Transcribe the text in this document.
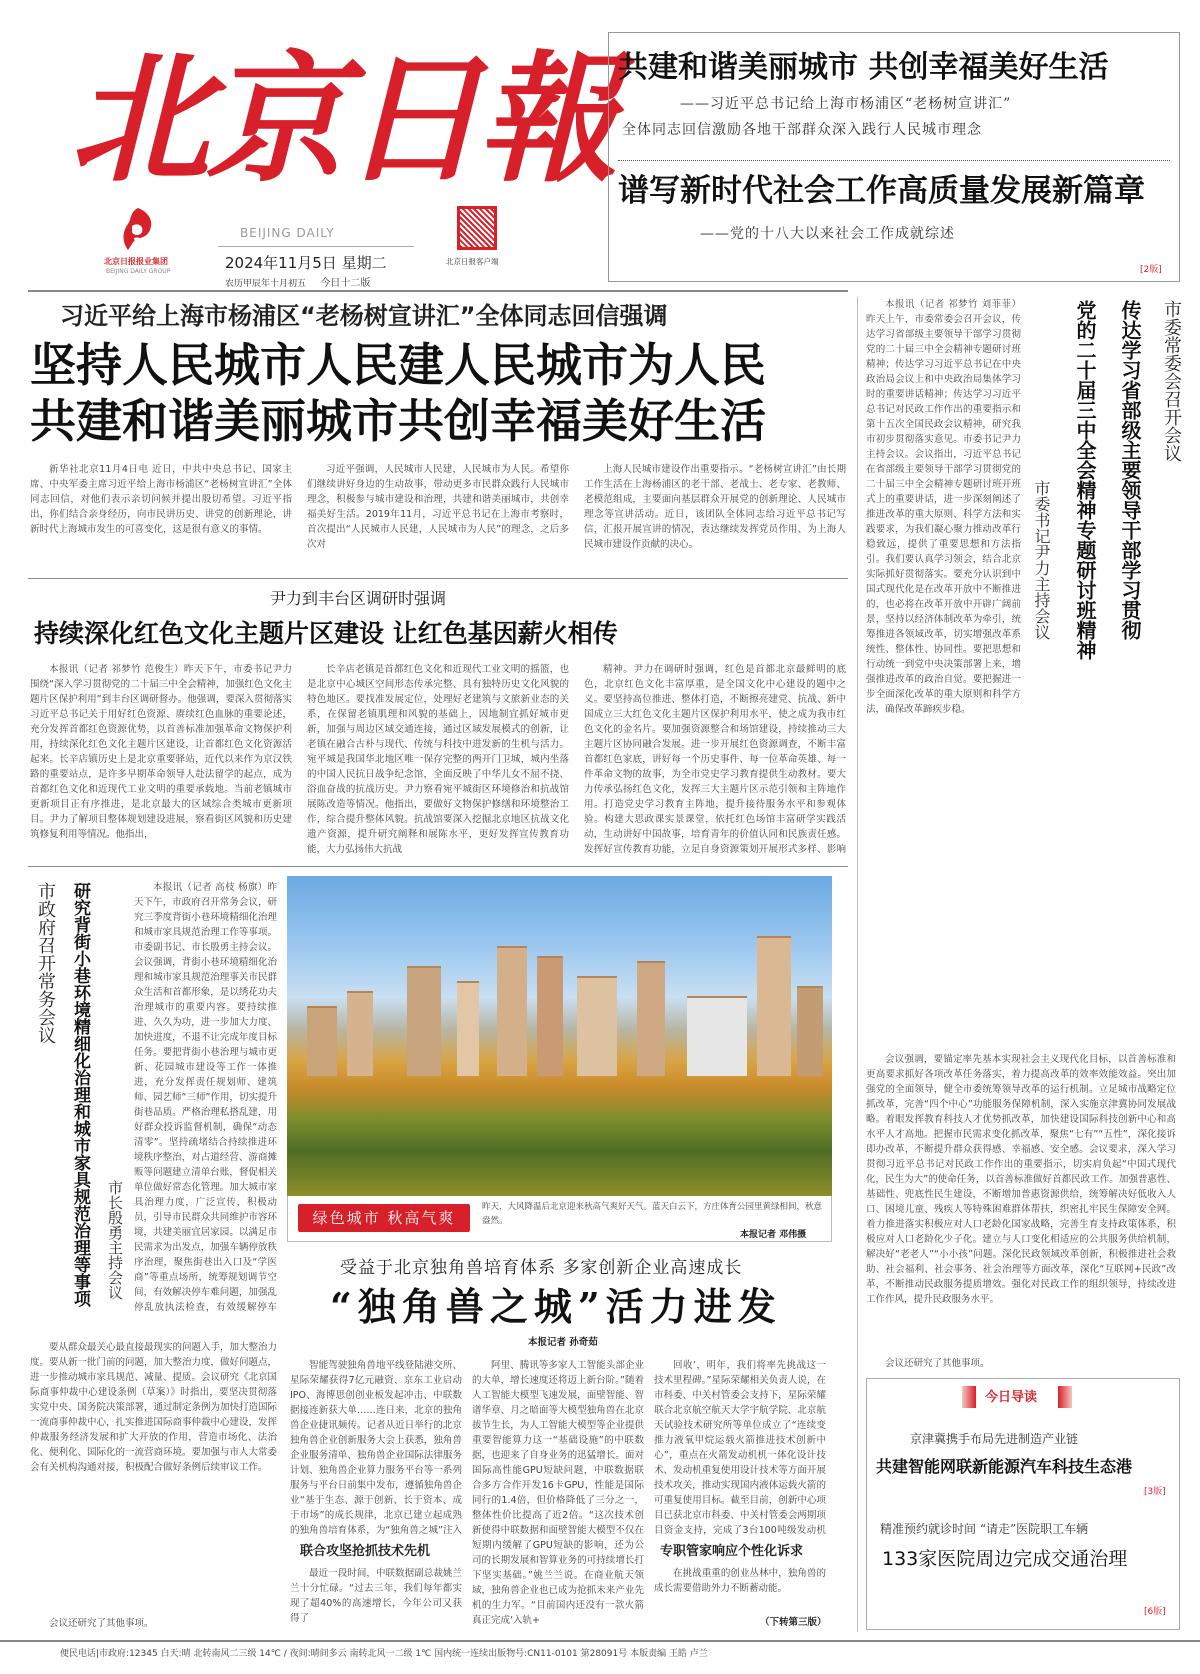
北京日報
北京日报报业集团
BEIJING DAILY GROUP
BEIJING DAILY
2024年11月5日 星期二
农历甲辰年十月初五 今日十二版
北京日报客户端
共建和谐美丽城市 共创幸福美好生活
——习近平总书记给上海市杨浦区“老杨树宣讲汇”
全体同志回信激励各地干部群众深入践行人民城市理念
谱写新时代社会工作高质量发展新篇章
——党的十八大以来社会工作成就综述
[2版]
习近平给上海市杨浦区“老杨树宣讲汇”全体同志回信强调
坚持人民城市人民建人民城市为人民
共建和谐美丽城市共创幸福美好生活
新华社北京11月4日电 近日，中共中央总书记、国家主席、中央军委主席习近平给上海市杨浦区“老杨树宣讲汇”全体同志回信，对他们表示亲切问候并提出殷切希望。习近平指出，你们结合亲身经历，向市民讲历史、讲党的创新理论，讲新时代上海城市发生的可喜变化，这是很有意义的事情。
习近平强调，人民城市人民建，人民城市为人民。希望你们继续讲好身边的生动故事，带动更多市民群众践行人民城市理念，积极参与城市建设和治理，共建和谐美丽城市，共创幸福美好生活。2019年11月，习近平总书记在上海市考察时，首次提出“人民城市人民建，人民城市为人民”的理念，之后多次对
上海人民城市建设作出重要指示。“老杨树宣讲汇”由长期工作生活在上海杨浦区的老干部、老战士、老专家、老教师、老模范组成，主要面向基层群众开展党的创新理论、人民城市理念等宣讲活动。近日，该团队全体同志给习近平总书记写信，汇报开展宣讲的情况，表达继续发挥党员作用、为上海人民城市建设作贡献的决心。
尹力到丰台区调研时强调
持续深化红色文化主题片区建设 让红色基因薪火相传
本报讯（记者 祁梦竹 范俊生）昨天下午，市委书记尹力围绕“深入学习贯彻党的二十届三中全会精神，加强红色文化主题片区保护利用”到丰台区调研督办。他强调，要深入贯彻落实习近平总书记关于用好红色资源、赓续红色血脉的重要论述，充分发挥首都红色资源优势，以首善标准加强革命文物保护利用，持续深化红色文化主题片区建设，让首都红色文化资源活起来。长辛店镇历史上是北京重要驿站，近代以来作为京汉铁路的重要站点，是许多早期革命领导人赴法留学的起点，成为首都红色文化和近现代工业文明的重要承载地。当前老镇城市更新项目正有序推进，是北京最大的区域综合类城市更新项目。尹力了解项目整体规划建设进展，察看街区风貌和历史建筑修复利用等情况。他指出，
长辛店老镇是首都红色文化和近现代工业文明的摇篮，也是北京中心城区空间形态传承完整、具有独特历史文化风貌的特色地区。要找准发展定位，处理好老建筑与文旅新业态的关系，在保留老镇肌理和风貌的基础上，因地制宜抓好城市更新，加强与周边区域交通连接，通过区域发展模式的创新，让老镇在融合古朴与现代、传统与科技中进发新的生机与活力。宛平城是我国华北地区唯一保存完整的两开门卫城，城内坐落的中国人民抗日战争纪念馆，全面反映了中华儿女不屈不挠、浴血奋战的抗战历史。尹力察看宛平城街区环境修治和抗战馆展陈改造等情况。他指出，要做好文物保护修缮和环境整治工作，综合提升整体风貌。抗战馆要深入挖掘北京地区抗战文化遗产资源，提升研究阐释和展陈水平，更好发挥宣传教育功能，大力弘扬伟大抗战
精神。尹力在调研时强调，红色是首都北京最鲜明的底色，北京红色文化丰富厚重，是全国文化中心建设的题中之义。要坚持高位推进、整体打造，不断擦亮建党、抗战、新中国成立三大红色文化主题片区保护利用水平，使之成为我市红色文化的金名片。要加强资源整合和场馆建设，持续推动三大主题片区协同融合发展。进一步开展红色资源调查，不断丰富首都红色家底，讲好每一个历史事件、每一位革命英雄、每一件革命文物的故事，为全市党史学习教育提供生动教材。要大力传承弘扬红色文化，发挥三大主题片区示范引领和主阵地作用。打造党史学习教育主阵地，提升接待服务水平和参观体验。构建大思政课实景课堂，依托红色场馆丰富研学实践活动，生动讲好中国故事，培育青年的价值认同和民族责任感。发挥好宣传教育功能，立足自身资源策划开展形式多样、影响
市委常委会召开会议
传达学习省部级主要领导干部学习贯彻
党的二十届三中全会精神专题研讨班精神
市委书记尹力主持会议
本报讯（记者 祁梦竹 刘菲菲）昨天上午，市委常委会召开会议，传达学习省部级主要领导干部学习贯彻党的二十届三中全会精神专题研讨班精神；传达学习习近平总书记在中央政治局会议上和中央政治局集体学习时的重要讲话精神；传达学习习近平总书记对民政工作作出的重要指示和第十五次全国民政会议精神，研究我市初步贯彻落实意见。市委书记尹力主持会议。会议指出，习近平总书记在省部级主要领导干部学习贯彻党的二十届三中全会精神专题研讨班开班式上的重要讲话，进一步深刻阐述了推进改革的重大原则、科学方法和实践要求，为我们凝心聚力推动改革行稳致远，提供了重要思想和方法指引。我们要认真学习领会，结合北京实际抓好贯彻落实。要充分认识到中国式现代化是在改革开放中不断推进的，也必将在改革开放中开辟广阔前景，坚持以经济体制改革为牵引，统筹推进各领域改革，切实增强改革系统性、整体性、协同性。要把思想和行动统一到党中央决策部署上来，增强推进改革的政治自觉。要把握进一步全面深化改革的重大原则和科学方法，确保改革蹄疾步稳。
会议强调，要锚定率先基本实现社会主义现代化目标，以首善标准和更高要求抓好各项改革任务落实，着力提高改革的效率效能效益。突出加强党的全面领导，健全市委统筹领导改革的运行机制。立足城市战略定位抓改革，完善“四个中心”功能服务保障机制，深入实施京津冀协同发展战略。着眼发挥教育科技人才优势抓改革，加快建设国际科技创新中心和高水平人才高地。把握市民需求变化抓改革，聚焦“七有”“五性”，深化接诉即办改革，不断提升群众获得感、幸福感、安全感。会议要求，深入学习贯彻习近平总书记对民政工作作出的重要指示，切实肩负起“中国式现代化，民生为大”的使命任务，以首善标准做好首都民政工作。加强普惠性、基础性、兜底性民生建设，不断增加普惠资源供给，统筹解决好低收入人口、困境儿童、残疾人等特殊困难群体帮扶，织密扎牢民生保障安全网。着力推进落实积极应对人口老龄化国家战略，完善生育支持政策体系，积极应对人口老龄化少子化。建立与人口变化相适应的公共服务供给机制，解决好“老老人”“小小孩”问题。深化民政领域改革创新，积极推进社会救助、社会福利、社会事务、社会治理等方面改革，深化“互联网+民政”改革，不断推动民政服务提质增效。强化对民政工作的组织领导，持续改进工作作风，提升民政服务水平。
会议还研究了其他事项。
市政府召开常务会议 研究背街小巷环境精细化治理和城市家具规范治理等事项	市长殷勇主持会议
本报讯（记者 高枝 杨旗）昨天下午，市政府召开常务会议，研究三季度背街小巷环境精细化治理和城市家具规范治理工作等事项。市委副书记、市长殷勇主持会议。会议强调，背街小巷环境精细化治理和城市家具规范治理事关市民群众生活和首都形象，是以绣花功夫治理城市的重要内容。要持续推进、久久为功，进一步加大力度、加快进度，不退不让完成年度目标任务。要把背街小巷治理与城市更新、花园城市建设等工作一体推进，充分发挥责任规划师、建筑师、园艺师“三师”作用，切实提升街巷品质。严格治理私搭乱建，用好群众投诉监督机制，确保“动态清零”。坚持疏堵结合持续推进环境秩序整治，对占道经营、游商摊贩等问题建立清单台账，督促相关单位做好常态化管理。加大城市家具治理力度，广泛宣传，积极动员，引导市民群众共同维护市容环境，共建美丽宜居家园。以满足市民需求为出发点，加强车辆停放秩序治理，聚焦街巷出入口及“学医商”等重点场所，统筹规划调节空间，有效解决停车难问题，加强乱停乱放执法检查，有效缓解停车
要从群众最关心最直接最现实的问题入手，加大整治力度。要从新一批门前的问题，加大整治力度，做好问题点，进一步推动城市家具规范、减量、提质。会议研究《北京国际商事仲裁中心建设条例（草案）》时指出，要坚决贯彻落实党中央、国务院决策部署，通过制定条例为加快打造国际一流商事仲裁中心，扎实推进国际商事仲裁中心建设，发挥仲裁服务经济发展和扩大开放的作用，营造市场化、法治化、便利化、国际化的一流营商环境。要加强与市人大常委会有关机构沟通对接，积极配合做好条例后续审议工作。
会议还研究了其他事项。
绿色城市 秋高气爽
昨天，大风降温后北京迎来秋高气爽好天气。蓝天白云下，方庄体育公园里黄绿相间，秋意盎然。
本报记者 邓伟摄
受益于北京独角兽培育体系 多家创新企业高速成长
“独角兽之城”活力进发
本报记者 孙奇茹
智能驾驶独角兽地平线登陆港交所、星际荣耀获得7亿元融资、京东工业启动IPO、海博思创创业板发起冲击、中联数据接连新获大单……连日来，北京的独角兽企业捷讯频传。记者从近日举行的北京独角兽企业创新服务大会上获悉，独角兽企业服务清单、独角兽企业国际法律服务计划、独角兽企业算力服务平台等一系列服务与平台日前集中发布，遵循独角兽企业“基于生态、源于创新、长于资本、成于市场”的成长规律，北京已建立起成熟的独角兽培育体系，为“独角兽之城”注入
联合攻坚抢抓技术先机
最近一段时间，中联数据副总裁姚兰兰十分忙碌。“过去三年，我们每年都实现了超40%的高速增长，今年公司又获得了
阿里、腾讯等多家人工智能头部企业的大单，增长速度还将迈上新台阶。”随着人工智能大模型飞速发展，面壁智能、智谱华章、月之暗面等大模型独角兽在北京拔节生长，为人工智能大模型等企业提供重要智能算力这一“基础设施”的中联数据，也迎来了自身业务的迅猛增长。面对国际高性能GPU短缺问题，中联数据联合多方合作开发16卡GPU，性能是国际同行的1.4倍，但价格降低了三分之一，整体性价比提高了近2倍。“这次技术创新使得中联数据和面壁智能大模型不仅在短期内缓解了GPU短缺的影响，还为公司的长期发展和智算业务的可持续增长打下坚实基础。”姚兰兰说。在商业航天领域，独角兽企业也已成为抢抓未来产业先机的生力军。“目前国内还没有一款火箭真正完成‘入轨+
回收’，明年，我们将率先挑战这一技术里程碑。”星际荣耀相关负责人说，在市科委、中关村管委会支持下，星际荣耀联合北京航空航天大学宇航学院、北京航天试验技术研究所等单位成立了“连续变推力液氧甲烷运载火箭推进技术创新中心”，重点在火箭发动机机一体化设计技术、发动机重复使用设计技术等方面开展技术攻关，推动实现国内液体运载火箭的可重复使用目标。截至目前，创新中心项目已获北京市科委、中关村管委会两期项目资金支持，完成了3台100吨级发动机
专职管家响应个性化诉求
在挑战重重的创业丛林中，独角兽的成长需要借助外力不断蓄动能。
（下转第三版）
今日导读
京津冀携手布局先进制造产业链
共建智能网联新能源汽车科技生态港
[3版]
精准预约就诊时间 “请走”医院职工车辆
133家医院周边完成交通治理
[6版]
便民电话|市政府:12345 白天:晴 北转南风二三级 14℃ / 夜间:晴间多云 南转北风一二级 1℃ 国内统一连续出版物号:CN11-0101 第28091号 本版责编 王皓 卢兰
